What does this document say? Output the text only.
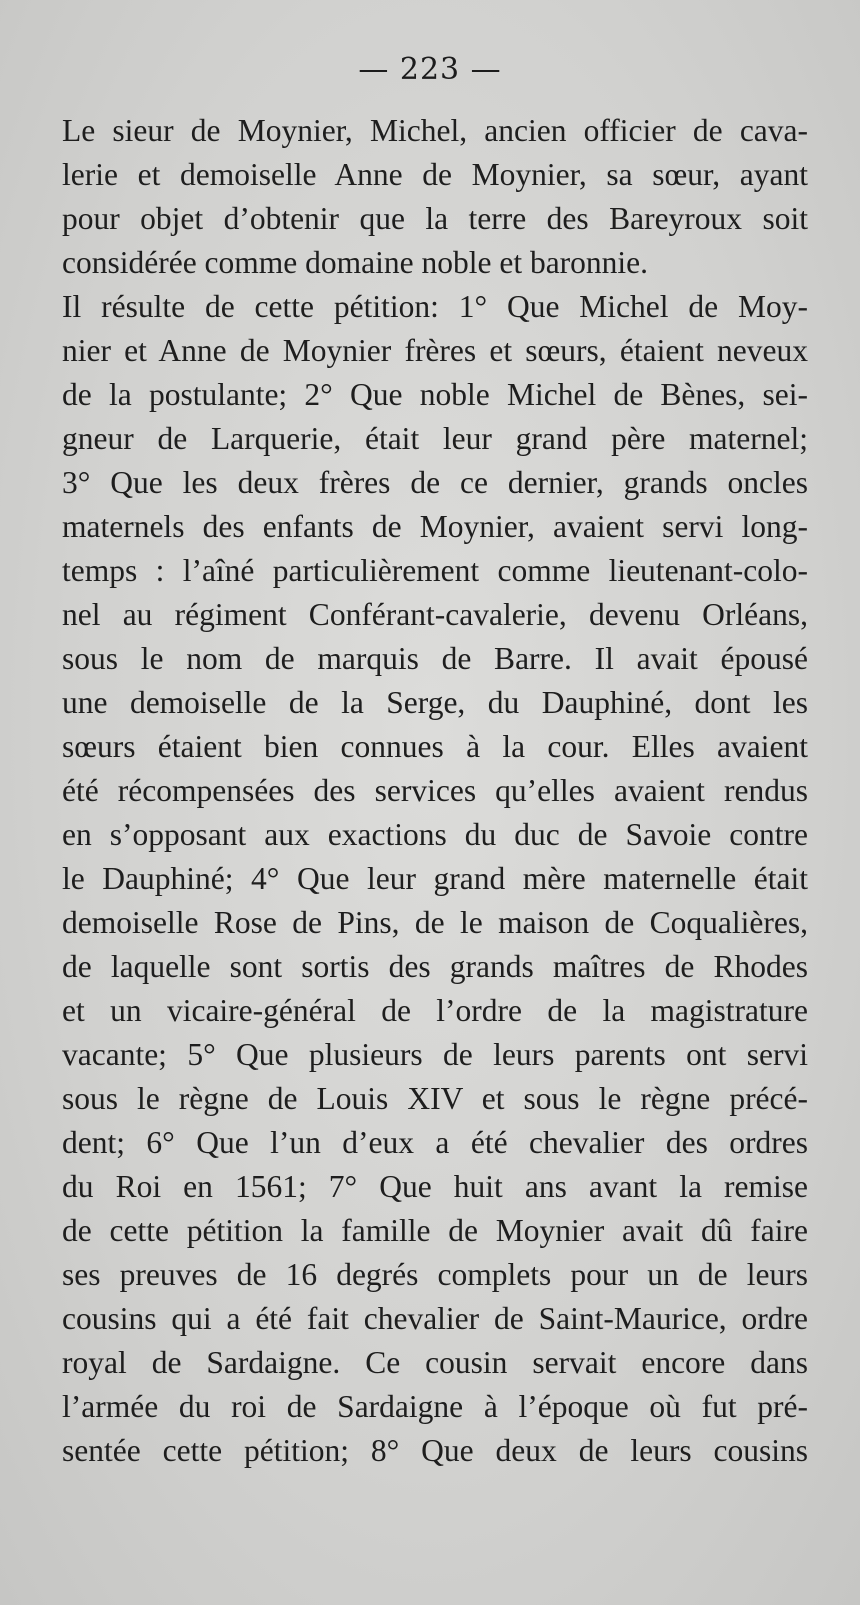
— 223 —
Le sieur de Moynier, Michel, ancien officier de cava-
lerie et demoiselle Anne de Moynier, sa sœur, ayant
pour objet d’obtenir que la terre des Bareyroux soit
considérée comme domaine noble et baronnie.
Il résulte de cette pétition: 1° Que Michel de Moy-
nier et Anne de Moynier frères et sœurs, étaient neveux
de la postulante; 2° Que noble Michel de Bènes, sei-
gneur de Larquerie, était leur grand père maternel;
3° Que les deux frères de ce dernier, grands oncles
maternels des enfants de Moynier, avaient servi long-
temps : l’aîné particulièrement comme lieutenant-colo-
nel au régiment Conférant-cavalerie, devenu Orléans,
sous le nom de marquis de Barre. Il avait épousé
une demoiselle de la Serge, du Dauphiné, dont les
sœurs étaient bien connues à la cour. Elles avaient
été récompensées des services qu’elles avaient rendus
en s’opposant aux exactions du duc de Savoie contre
le Dauphiné; 4° Que leur grand mère maternelle était
demoiselle Rose de Pins, de le maison de Coqualières,
de laquelle sont sortis des grands maîtres de Rhodes
et un vicaire-général de l’ordre de la magistrature
vacante; 5° Que plusieurs de leurs parents ont servi
sous le règne de Louis XIV et sous le règne précé-
dent; 6° Que l’un d’eux a été chevalier des ordres
du Roi en 1561; 7° Que huit ans avant la remise
de cette pétition la famille de Moynier avait dû faire
ses preuves de 16 degrés complets pour un de leurs
cousins qui a été fait chevalier de Saint-Maurice, ordre
royal de Sardaigne. Ce cousin servait encore dans
l’armée du roi de Sardaigne à l’époque où fut pré-
sentée cette pétition; 8° Que deux de leurs cousins
